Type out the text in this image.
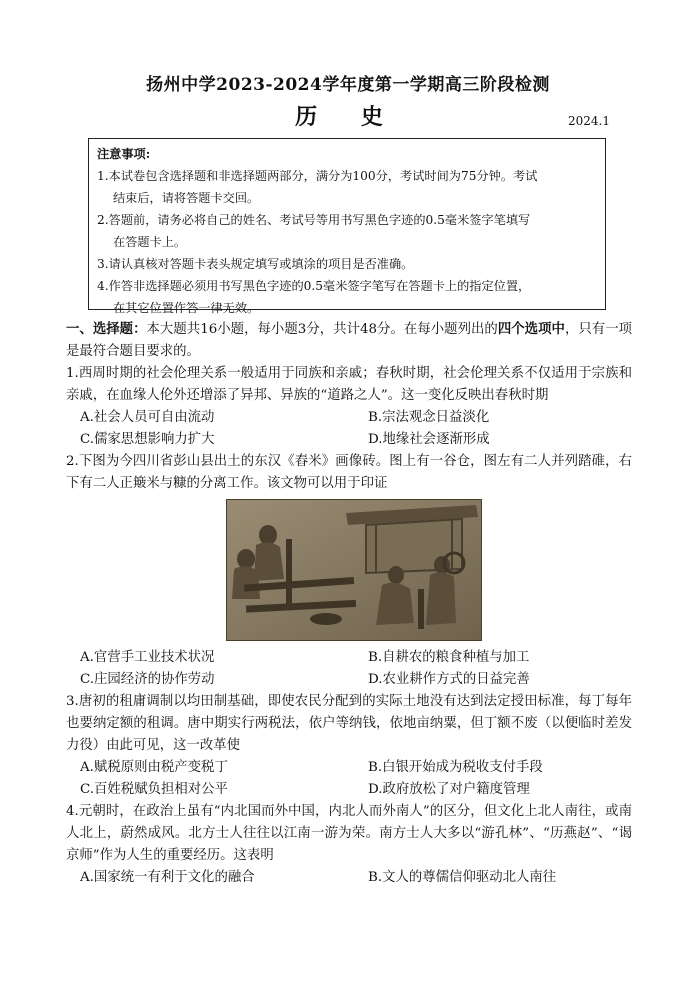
扬州中学2023-2024学年度第一学期高三阶段检测
历 史	2024.1
注意事项:
1.本试卷包含选择题和非选择题两部分，满分为100分，考试时间为75分钟。考试
结束后，请将答题卡交回。
2.答题前，请务必将自己的姓名、考试号等用书写黑色字迹的0.5毫米签字笔填写
在答题卡上。
3.请认真核对答题卡表头规定填写或填涂的项目是否准确。
4.作答非选择题必须用书写黑色字迹的0.5毫米签字笔写在答题卡上的指定位置，
在其它位置作答一律无效。

一、选择题：本大题共16小题，每小题3分，共计48分。在每小题列出的四个选项中，只有一项是最符合题目要求的。

1.西周时期的社会伦理关系一般适用于同族和亲戚；春秋时期，社会伦理关系不仅适用于宗族和亲戚，在血缘人伦外还增添了异邦、异族的“道路之人”。这一变化反映出春秋时期

A.社会人员可自由流动	B.宗法观念日益淡化
C.儒家思想影响力扩大	D.地缘社会逐渐形成

2.下图为今四川省彭山县出土的东汉《舂米》画像砖。图上有一谷仓，图左有二人并列踏碓，右下有二人正簸米与糠的分离工作。该文物可以用于印证

A.官营手工业技术状况	B.自耕农的粮食种植与加工
C.庄园经济的协作劳动	D.农业耕作方式的日益完善

3.唐初的租庸调制以均田制基础，即使农民分配到的实际土地没有达到法定授田标准，每丁每年也要纳定额的租调。唐中期实行两税法，依户等纳钱，依地亩纳粟，但丁额不废（以便临时差发力役）由此可见，这一改革使

A.赋税原则由税产变税丁	B.白银开始成为税收支付手段
C.百姓税赋负担相对公平	D.政府放松了对户籍度管理

4.元朝时，在政治上虽有“内北国而外中国，内北人而外南人”的区分，但文化上北人南往，或南人北上，蔚然成风。北方士人往往以江南一游为荣。南方士人大多以“游孔林”、“历燕赵”、“谒京师”作为人生的重要经历。这表明

A.国家统一有利于文化的融合	B.文人的尊儒信仰驱动北人南往
